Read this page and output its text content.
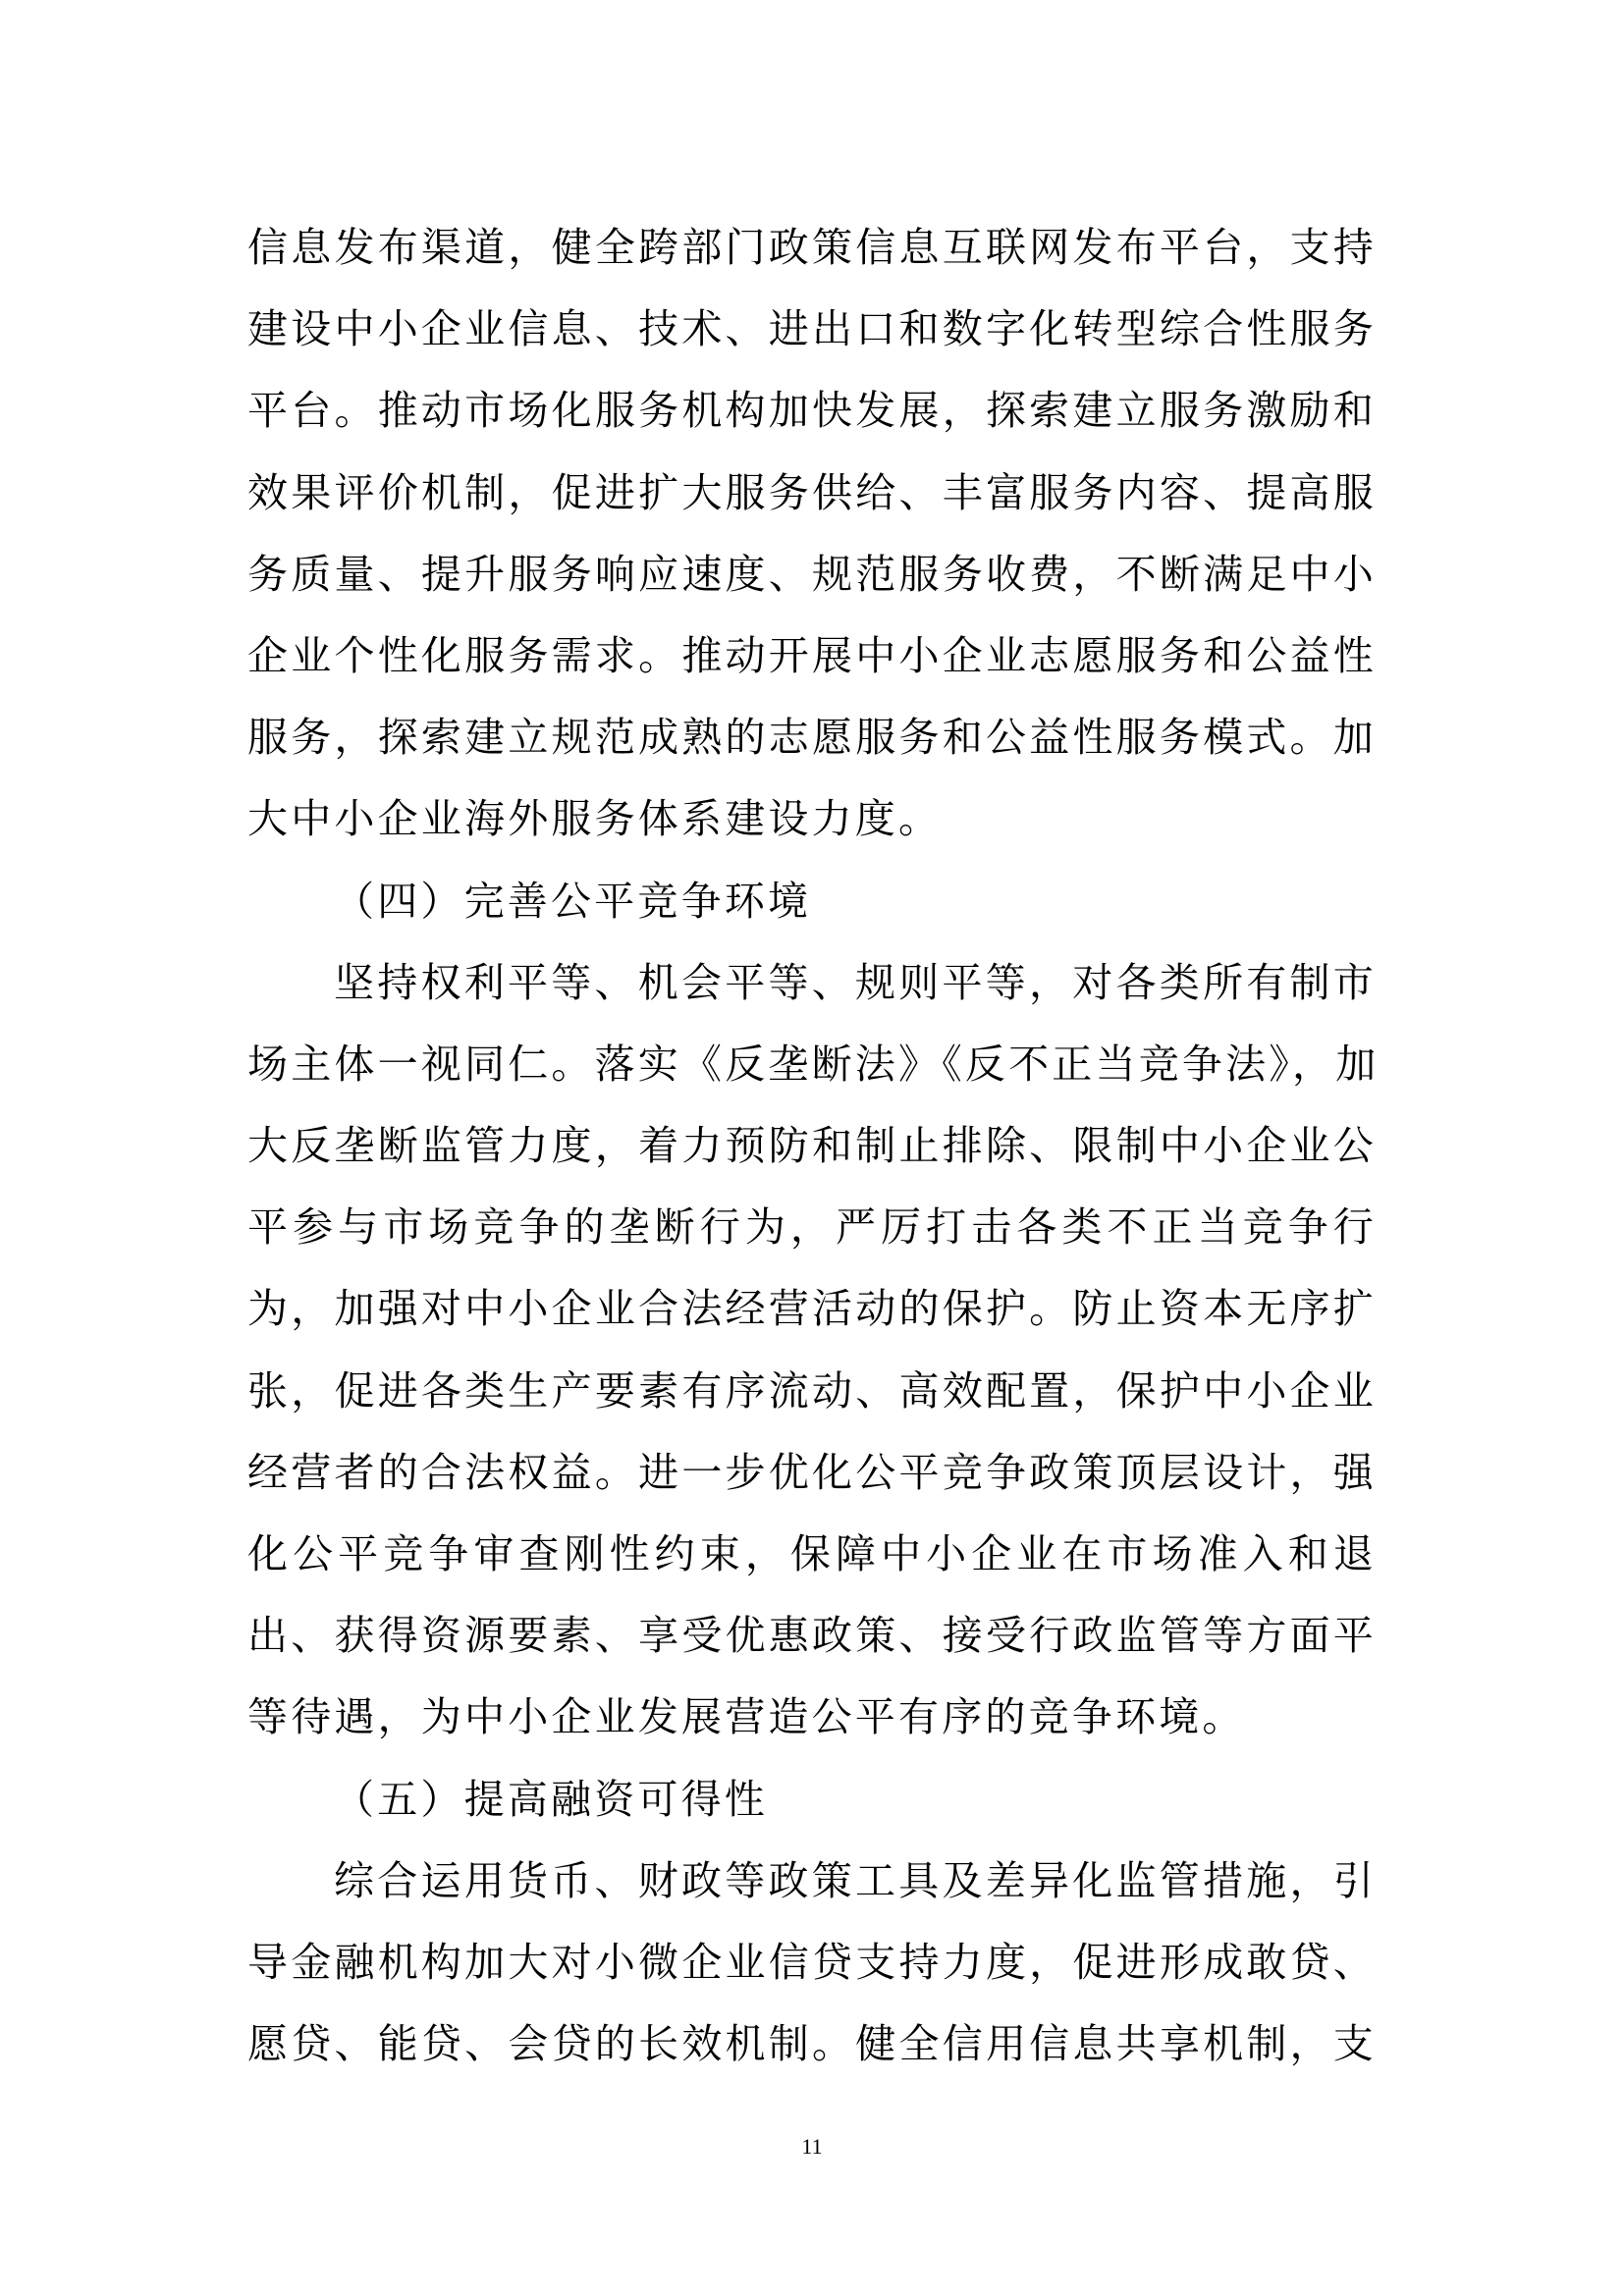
信息发布渠道，健全跨部门政策信息互联网发布平台，支持
建设中小企业信息、技术、进出口和数字化转型综合性服务
平台。推动市场化服务机构加快发展，探索建立服务激励和
效果评价机制，促进扩大服务供给、丰富服务内容、提高服
务质量、提升服务响应速度、规范服务收费，不断满足中小
企业个性化服务需求。推动开展中小企业志愿服务和公益性
服务，探索建立规范成熟的志愿服务和公益性服务模式。加
大中小企业海外服务体系建设力度。
（四）完善公平竞争环境
坚持权利平等、机会平等、规则平等，对各类所有制市
场主体一视同仁。落实《反垄断法》《反不正当竞争法》，加
大反垄断监管力度，着力预防和制止排除、限制中小企业公
平参与市场竞争的垄断行为，严厉打击各类不正当竞争行
为，加强对中小企业合法经营活动的保护。防止资本无序扩
张，促进各类生产要素有序流动、高效配置，保护中小企业
经营者的合法权益。进一步优化公平竞争政策顶层设计，强
化公平竞争审查刚性约束，保障中小企业在市场准入和退
出、获得资源要素、享受优惠政策、接受行政监管等方面平
等待遇，为中小企业发展营造公平有序的竞争环境。
（五）提高融资可得性
综合运用货币、财政等政策工具及差异化监管措施，引
导金融机构加大对小微企业信贷支持力度，促进形成敢贷、
愿贷、能贷、会贷的长效机制。健全信用信息共享机制，支
11
